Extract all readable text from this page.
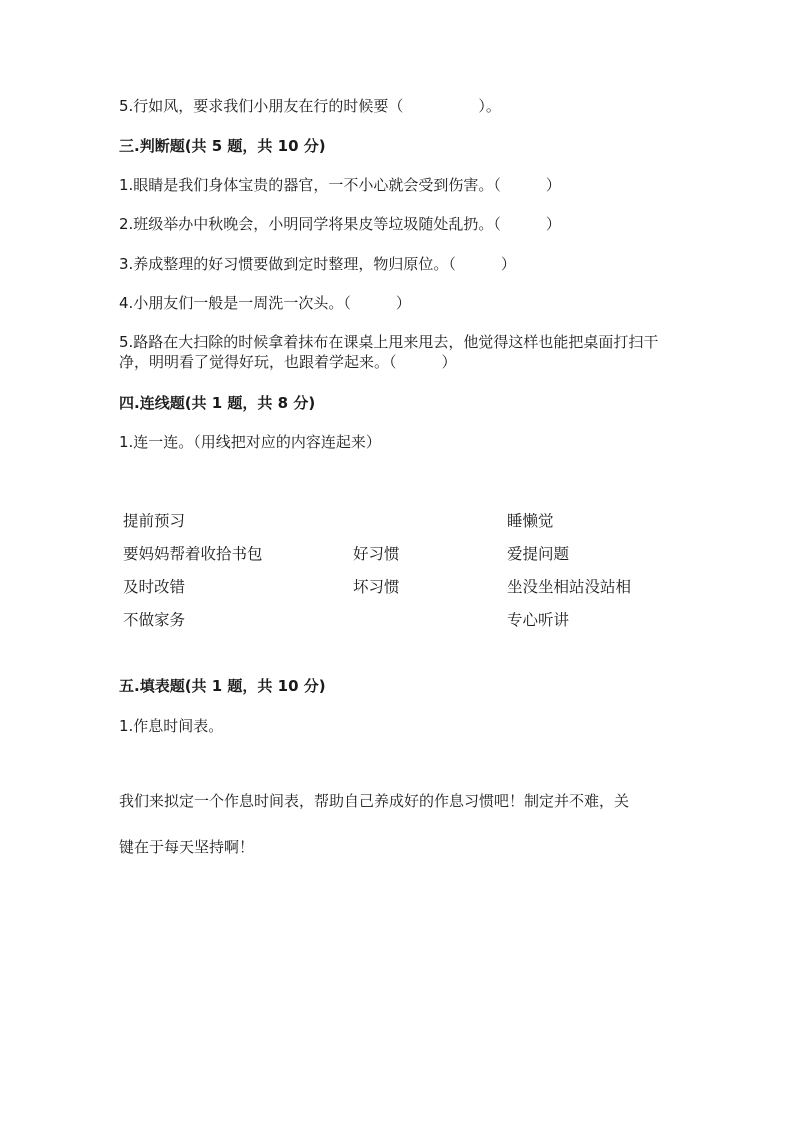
5.行如风，要求我们小朋友在行的时候要（　　　　　）。
三.判断题(共 5 题，共 10 分)
1.眼睛是我们身体宝贵的器官，一不小心就会受到伤害。（　　　）
2.班级举办中秋晚会，小明同学将果皮等垃圾随处乱扔。（　　　）
3.养成整理的好习惯要做到定时整理，物归原位。（　　　）
4.小朋友们一般是一周洗一次头。（　　　）
5.路路在大扫除的时候拿着抹布在课桌上甩来甩去，他觉得这样也能把桌面打扫干净，明明看了觉得好玩，也跟着学起来。（　　　）
四.连线题(共 1 题，共 8 分)
1.连一连。（用线把对应的内容连起来）
提前预习
要妈妈帮着收拾书包
及时改错
不做家务
好习惯
坏习惯
睡懒觉
爱提问题
坐没坐相站没站相
专心听讲
五.填表题(共 1 题，共 10 分)
1.作息时间表。
我们来拟定一个作息时间表，帮助自己养成好的作息习惯吧！制定并不难，关
键在于每天坚持啊！
